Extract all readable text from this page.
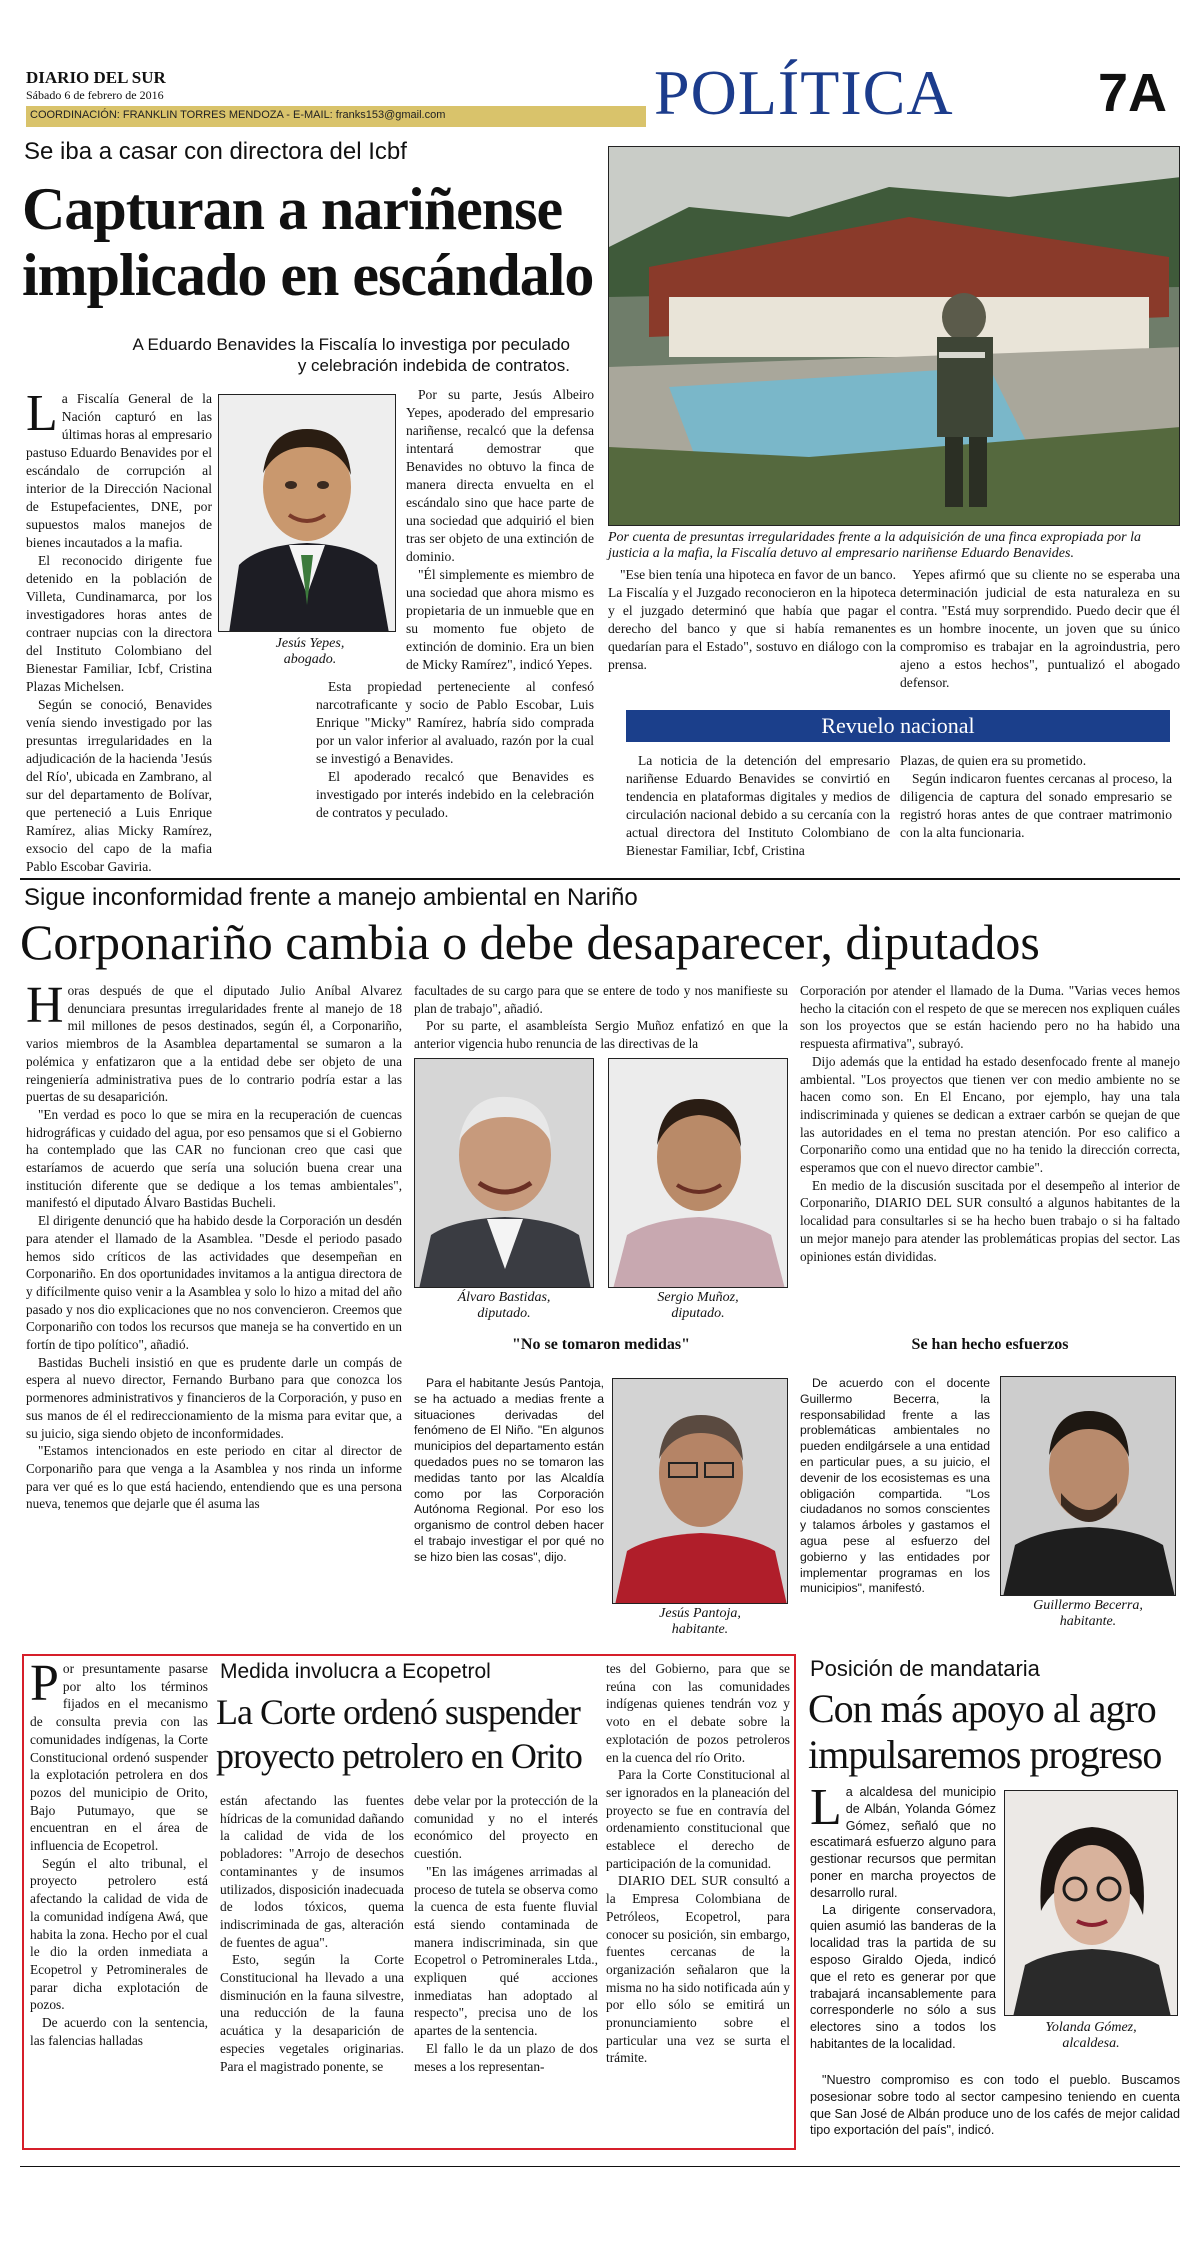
DIARIO DEL SUR
Sábado 6 de febrero de 2016
COORDINACIÓN: FRANKLIN TORRES MENDOZA - E-MAIL: franks153@gmail.com	POLÍTICA	7A
Se iba a casar con directora del Icbf
Capturan a nariñense
implicado en escándalo
A Eduardo Benavides la Fiscalía lo investiga por peculado
y celebración indebida de contratos.
L a Fiscalía General de la Nación capturó en las últimas horas al empresario pastuso Eduardo Benavides por el escándalo de corrupción al interior de la Dirección Nacional de Estupefacientes, DNE, por supuestos malos manejos de bienes incautados a la mafia.

El reconocido dirigente fue detenido en la población de Villeta, Cundinamarca, por los investigadores horas antes de contraer nupcias con la directora del Instituto Colombiano del Bienestar Familiar, Icbf, Cristina Plazas Michelsen.

Según se conoció, Benavides venía siendo investigado por las presuntas irregularidades en la adjudicación de la hacienda 'Jesús del Río', ubicada en Zambrano, al sur del departamento de Bolívar, que perteneció a Luis Enrique Ramírez, alias Micky Ramírez, exsocio del capo de la mafia Pablo Escobar Gaviria.

Jesús Yepes,
abogado.

Por su parte, Jesús Albeiro Yepes, apoderado del empresario nariñense, recalcó que la defensa intentará demostrar que Benavides no obtuvo la finca de manera directa envuelta en el escándalo sino que hace parte de una sociedad que adquirió el bien tras ser objeto de una extinción de dominio.

"Él simplemente es miembro de una sociedad que ahora mismo es propietaria de un inmueble que en su momento fue objeto de extinción de dominio. Era un bien de Micky Ramírez", indicó Yepes.

Esta propiedad perteneciente al confesó narcotraficante y socio de Pablo Escobar, Luis Enrique "Micky" Ramírez, habría sido comprada por un valor inferior al avaluado, razón por la cual se investigó a Benavides.

El apoderado recalcó que Benavides es investigado por interés indebido en la celebración de contratos y peculado.

Por cuenta de presuntas irregularidades frente a la adquisición de una finca expropiada por la justicia a la mafia, la Fiscalía detuvo al empresario nariñense Eduardo Benavides.

"Ese bien tenía una hipoteca en favor de un banco. La Fiscalía y el Juzgado reconocieron en la hipoteca y el juzgado determinó que había que pagar el derecho del banco y que si había remanentes quedarían para el Estado", sostuvo en diálogo con la prensa.

Yepes afirmó que su cliente no se esperaba una determinación judicial de esta naturaleza en su contra. "Está muy sorprendido. Puedo decir que él es un hombre inocente, un joven que su único compromiso es trabajar en la agroindustria, pero ajeno a estos hechos", puntualizó el abogado defensor.

Revuelo nacional

La noticia de la detención del empresario nariñense Eduardo Benavides se convirtió en tendencia en plataformas digitales y medios de circulación nacional debido a su cercanía con la actual directora del Instituto Colombiano de Bienestar Familiar, Icbf, Cristina

Plazas, de quien era su prometido.

Según indicaron fuentes cercanas al proceso, la diligencia de captura del sonado empresario se registró horas antes de que contraer matrimonio con la alta funcionaria.

Sigue inconformidad frente a manejo ambiental en Nariño
Corponariño cambia o debe desaparecer, diputados
H oras después de que el diputado Julio Aníbal Alvarez denunciara presuntas irregularidades frente al manejo de 18 mil millones de pesos destinados, según él, a Corponariño, varios miembros de la Asamblea departamental se sumaron a la polémica y enfatizaron que a la entidad debe ser objeto de una reingeniería administrativa pues de lo contrario podría estar a las puertas de su desaparición.

"En verdad es poco lo que se mira en la recuperación de cuencas hidrográficas y cuidado del agua, por eso pensamos que si el Gobierno ha contemplado que las CAR no funcionan creo que casi que estaríamos de acuerdo que sería una solución buena crear una institución diferente que se dedique a los temas ambientales", manifestó el diputado Álvaro Bastidas Bucheli.

El dirigente denunció que ha habido desde la Corporación un desdén para atender el llamado de la Asamblea. "Desde el periodo pasado hemos sido críticos de las actividades que desempeñan en Corponariño. En dos oportunidades invitamos a la antigua directora de y difícilmente quiso venir a la Asamblea y solo lo hizo a mitad del año pasado y nos dio explicaciones que no nos convencieron. Creemos que Corponariño con todos los recursos que maneja se ha convertido en un fortín de tipo político", añadió.

Bastidas Bucheli insistió en que es prudente darle un compás de espera al nuevo director, Fernando Burbano para que conozca los pormenores administrativos y financieros de la Corporación, y puso en sus manos de él el redireccionamiento de la misma para evitar que, a su juicio, siga siendo objeto de inconformidades.

"Estamos intencionados en este periodo en citar al director de Corponariño para que venga a la Asamblea y nos rinda un informe para ver qué es lo que está haciendo, entendiendo que es una persona nueva, tenemos que dejarle que él asuma las

facultades de su cargo para que se entere de todo y nos manifieste su plan de trabajo", añadió.

Por su parte, el asambleísta Sergio Muñoz enfatizó en que la anterior vigencia hubo renuncia de las directivas de la

Álvaro Bastidas,
diputado.
Sergio Muñoz,
diputado.

Corporación por atender el llamado de la Duma. "Varias veces hemos hecho la citación con el respeto de que se merecen nos expliquen cuáles son los proyectos que se están haciendo pero no ha habido una respuesta afirmativa", subrayó.

Dijo además que la entidad ha estado desenfocado frente al manejo ambiental. "Los proyectos que tienen ver con medio ambiente no se hacen como son. En El Encano, por ejemplo, hay una tala indiscriminada y quienes se dedican a extraer carbón se quejan de que las autoridades en el tema no prestan atención. Por eso califico a Corponariño como una entidad que no ha tenido la dirección correcta, esperamos que con el nuevo director cambie".

En medio de la discusión suscitada por el desempeño al interior de Corponariño, DIARIO DEL SUR consultó a algunos habitantes de la localidad para consultarles si se ha hecho buen trabajo o si ha faltado un mejor manejo para atender las problemáticas propias del sector. Las opiniones están divididas.

"No se tomaron medidas"

Para el habitante Jesús Pantoja, se ha actuado a medias frente a situaciones derivadas del fenómeno de El Niño. "En algunos municipios del departamento están quedados pues no se tomaron las medidas tanto por las Alcaldía como por las Corporación Autónoma Regional. Por eso los organismo de control deben hacer el trabajo investigar el por qué no se hizo bien las cosas", dijo.

Jesús Pantoja,
habitante.
Se han hecho esfuerzos

De acuerdo con el docente Guillermo Becerra, la responsabilidad frente a las problemáticas ambientales no pueden endilgársele a una entidad en particular pues, a su juicio, el devenir de los ecosistemas es una obligación compartida. "Los ciudadanos no somos conscientes y talamos árboles y gastamos el agua pese al esfuerzo del gobierno y las entidades por implementar programas en los municipios", manifestó.

Guillermo Becerra,
habitante.
P or presuntamente pasarse por alto los términos fijados en el mecanismo de consulta previa con las comunidades indígenas, la Corte Constitucional ordenó suspender la explotación petrolera en dos pozos del municipio de Orito, Bajo Putumayo, que se encuentran en el área de influencia de Ecopetrol.

Según el alto tribunal, el proyecto petrolero está afectando la calidad de vida de la comunidad indígena Awá, que habita la zona. Hecho por el cual le dio la orden inmediata a Ecopetrol y Petrominerales de parar dicha explotación de pozos.

De acuerdo con la sentencia, las falencias halladas

Medida involucra a Ecopetrol
La Corte ordenó suspender
proyecto petrolero en Orito

están afectando las fuentes hídricas de la comunidad dañando la calidad de vida de los pobladores: "Arrojo de desechos contaminantes y de insumos utilizados, disposición inadecuada de lodos tóxicos, quema indiscriminada de gas, alteración de fuentes de agua".

Esto, según la Corte Constitucional ha llevado a una disminución en la fauna silvestre, una reducción de la fauna acuática y la desaparición de especies vegetales originarias. Para el magistrado ponente, se

debe velar por la protección de la comunidad y no el interés económico del proyecto en cuestión.

"En las imágenes arrimadas al proceso de tutela se observa como la cuenca de esta fuente fluvial está siendo contaminada de manera indiscriminada, sin que Ecopetrol o Petrominerales Ltda., expliquen qué acciones inmediatas han adoptado al respecto", precisa uno de los apartes de la sentencia.

El fallo le da un plazo de dos meses a los representan-

tes del Gobierno, para que se reúna con las comunidades indígenas quienes tendrán voz y voto en el debate sobre la explotación de pozos petroleros en la cuenca del río Orito.

Para la Corte Constitucional al ser ignorados en la planeación del proyecto se fue en contravía del ordenamiento constitucional que establece el derecho de participación de la comunidad.

DIARIO DEL SUR consultó a la Empresa Colombiana de Petróleos, Ecopetrol, para conocer su posición, sin embargo, fuentes cercanas de la organización señalaron que la misma no ha sido notificada aún y por ello sólo se emitirá un pronunciamiento sobre el particular una vez se surta el trámite.

Posición de mandataria
Con más apoyo al agro
impulsaremos progreso
L a alcaldesa del municipio de Albán, Yolanda Gómez Gómez, señaló que no escatimará esfuerzo alguno para gestionar recursos que permitan poner en marcha proyectos de desarrollo rural.

La dirigente conservadora, quien asumió las banderas de la localidad tras la partida de su esposo Giraldo Ojeda, indicó que el reto es generar por que trabajará incansablemente para corresponderle no sólo a sus electores sino a todos los habitantes de la localidad.

"Nuestro compromiso es con todo el pueblo. Buscamos posesionar sobre todo al sector campesino teniendo en cuenta que San José de Albán produce uno de los cafés de mejor calidad tipo exportación del país", indicó.

Yolanda Gómez,
alcaldesa.
